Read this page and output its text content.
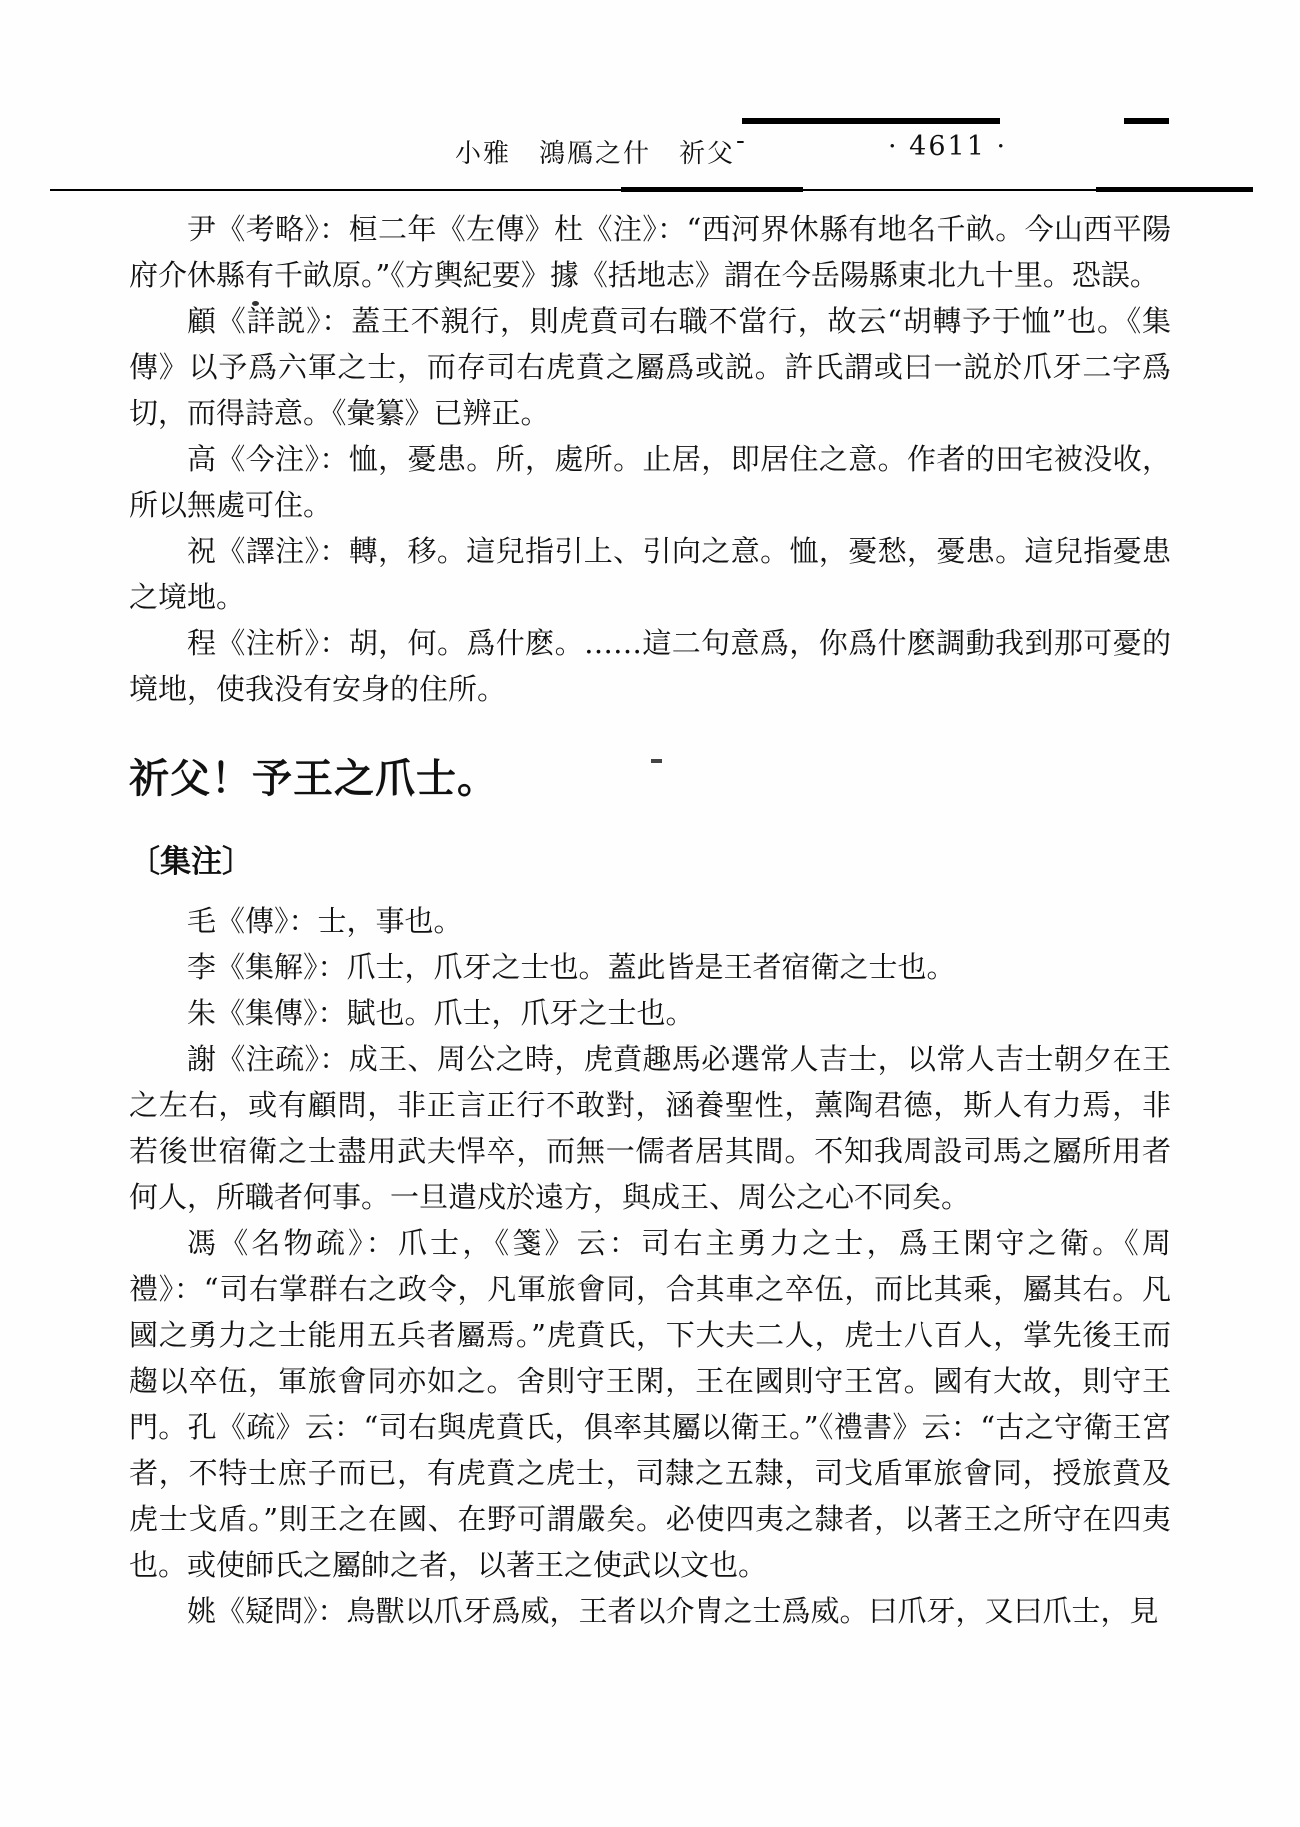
小雅　鴻鴈之什　祈父 -	· 4611 ·

尹《考略》：桓二年《左傳》杜《注》：“西河界休縣有地名千畝。今山西平陽府介休縣有千畝原。”《方輿紀要》據《括地志》謂在今岳陽縣東北九十里。恐誤。

顧《詳説》：蓋王不親行，則虎賁司右職不當行，故云“胡轉予于恤”也。《集傳》以予爲六軍之士，而存司右虎賁之屬爲或説。許氏謂或曰一説於爪牙二字爲切，而得詩意。《彙纂》已辨正。

高《今注》：恤，憂患。所，處所。止居，即居住之意。作者的田宅被没收，所以無處可住。

祝《譯注》：轉，移。這兒指引上、引向之意。恤，憂愁，憂患。這兒指憂患之境地。

程《注析》：胡，何。爲什麽。……這二句意爲，你爲什麽調動我到那可憂的境地，使我没有安身的住所。

祈父！予王之爪士。

〔集注〕

毛《傳》：士，事也。

李《集解》：爪士，爪牙之士也。蓋此皆是王者宿衛之士也。

朱《集傳》：賦也。爪士，爪牙之士也。

謝《注疏》：成王、周公之時，虎賁趣馬必選常人吉士，以常人吉士朝夕在王之左右，或有顧問，非正言正行不敢對，涵養聖性，薰陶君德，斯人有力焉，非若後世宿衛之士盡用武夫悍卒，而無一儒者居其間。不知我周設司馬之屬所用者何人，所職者何事。一旦遣戍於遠方，與成王、周公之心不同矣。

馮《名物疏》：爪士，《箋》云：司右主勇力之士，爲王閑守之衛。《周禮》：“司右掌群右之政令，凡軍旅會同，合其車之卒伍，而比其乘，屬其右。凡國之勇力之士能用五兵者屬焉。”虎賁氏，下大夫二人，虎士八百人，掌先後王而趨以卒伍，軍旅會同亦如之。舍則守王閑，王在國則守王宮。國有大故，則守王門。孔《疏》云：“司右與虎賁氏，俱率其屬以衛王。”《禮書》云：“古之守衛王宮者，不特士庶子而已，有虎賁之虎士，司隸之五隸，司戈盾軍旅會同，授旅賁及虎士戈盾。”則王之在國、在野可謂嚴矣。必使四夷之隸者，以著王之所守在四夷也。或使師氏之屬帥之者，以著王之使武以文也。

姚《疑問》：鳥獸以爪牙爲威，王者以介冑之士爲威。曰爪牙，又曰爪士，見
